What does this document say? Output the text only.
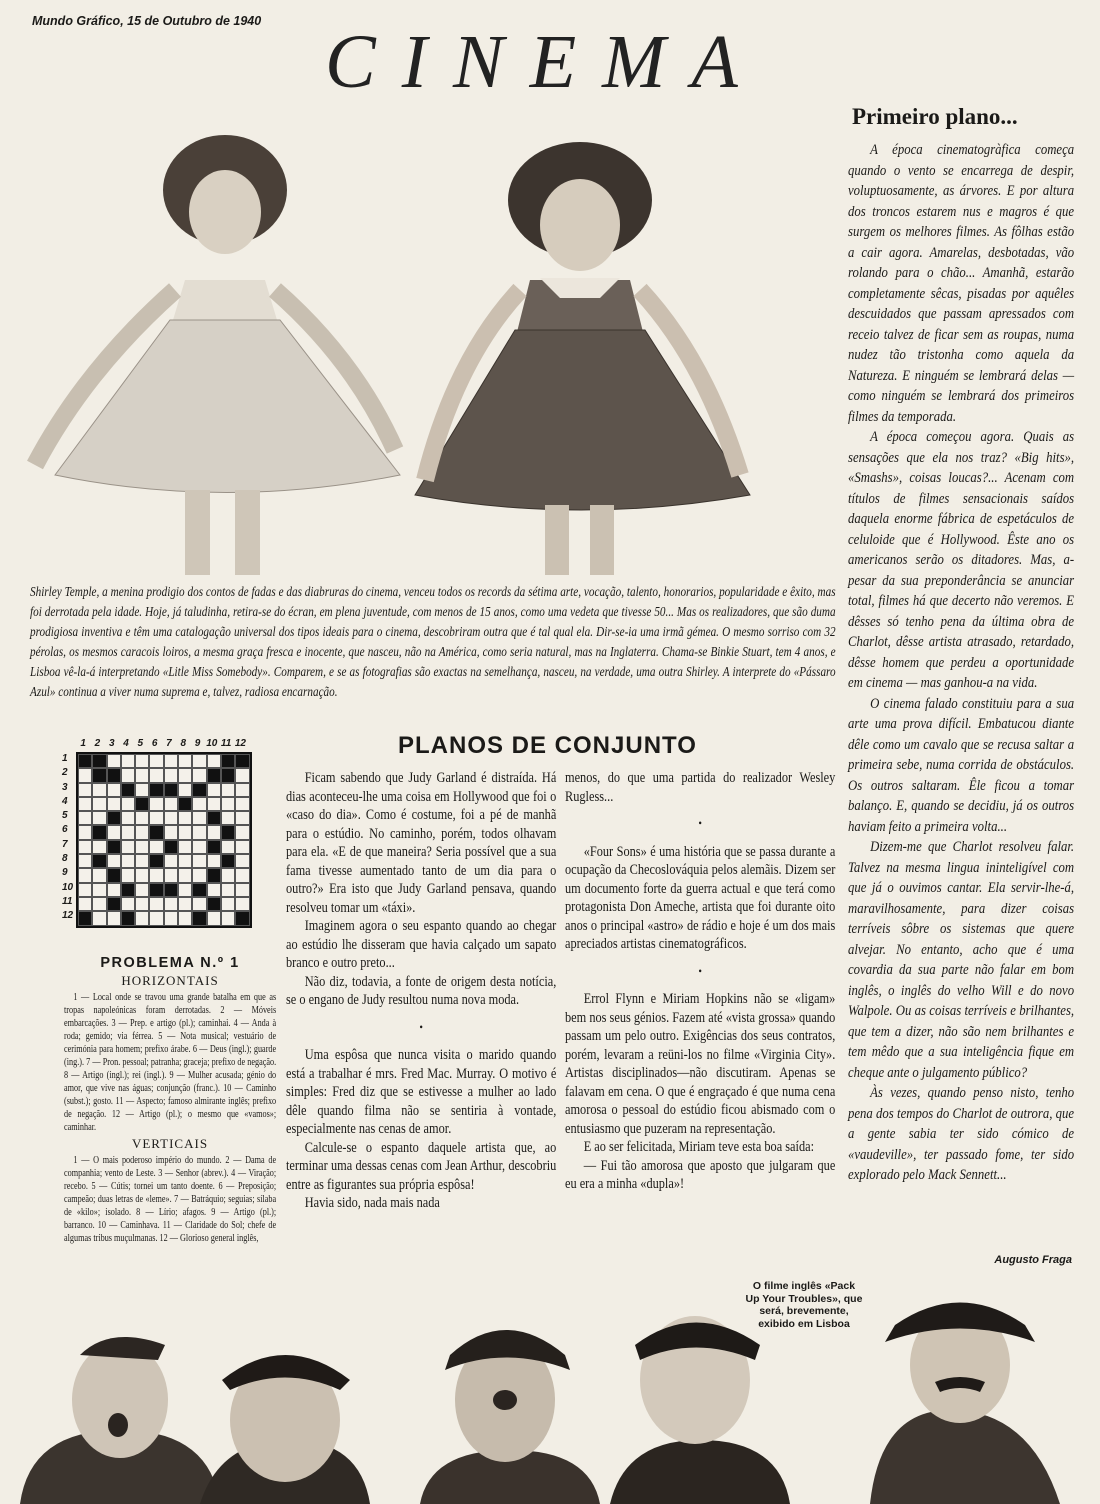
Mundo Gráfico, 15 de Outubro de 1940 CINEMA
Shirley Temple, a menina prodigio dos contos de fadas e das diabruras do cinema, venceu todos os records da sétima arte, vocação, talento, honorarios, popularidade e êxito, mas foi derrotada pela idade. Hoje, já taludinha, retira-se do écran, em plena juventude, com menos de 15 anos, como uma vedeta que tivesse 50... Mas os realizadores, que são duma prodigiosa inventiva e têm uma catalogação universal dos tipos ideais para o cinema, descobriram outra que é tal qual ela. Dir-se-ia uma irmã gémea. O mesmo sorriso com 32 pérolas, os mesmos caracois loiros, a mesma graça fresca e inocente, que nasceu, não na América, como seria natural, mas na Inglaterra. Chama-se Binkie Stuart, tem 4 anos, e Lisboa vê-la-á interpretando «Litle Miss Somebody». Comparem, e se as fotografias são exactas na semelhança, nasceu, na verdade, uma outra Shirley. A interprete do «Pássaro Azul» continua a viver numa suprema e, talvez, radiosa encarnação.
Primeiro plano...

A época cinematogràfica começa quando o vento se encarrega de despir, voluptuosamente, as árvores. E por altura dos troncos estarem nus e magros é que surgem os melhores filmes. As fôlhas estão a cair agora. Amarelas, desbotadas, vão rolando para o chão... Amanhã, estarão completamente sêcas, pisadas por aquêles descuidados que passam apressados com receio talvez de ficar sem as roupas, numa nudez tão tristonha como aquela da Natureza. E ninguém se lembrará delas — como ninguém se lembrará dos primeiros filmes da temporada.

A época começou agora. Quais as sensações que ela nos traz? «Big hits», «Smashs», coisas loucas?... Acenam com títulos de filmes sensacionais saídos daquela enorme fábrica de espetáculos de celuloide que é Hollywood. Êste ano os americanos serão os ditadores. Mas, a-pesar da sua preponderância se anunciar total, filmes há que decerto não veremos. E dêsses só tenho pena da última obra de Charlot, dêsse artista atrasado, retardado, dêsse homem que perdeu a oportunidade em cinema — mas ganhou-a na vida.

O cinema falado constituiu para a sua arte uma prova difícil. Embatucou diante dêle como um cavalo que se recusa saltar a primeira sebe, numa corrida de obstáculos. Os outros saltaram. Êle ficou a tomar balanço. E, quando se decidiu, já os outros haviam feito a primeira volta...

Dizem-me que Charlot resolveu falar. Talvez na mesma lingua ininteligível com que já o ouvimos cantar. Ela servir-lhe-á, maravilhosamente, para dizer coisas terríveis sôbre os sistemas que quere alvejar. No entanto, acho que é uma covardia da sua parte não falar em bom inglês, o inglês do velho Will e do novo Walpole. Ou as coisas terríveis e brilhantes, que tem a dizer, não são nem brilhantes e tem mêdo que a sua inteligência fique em cheque ante o julgamento público?

Às vezes, quando penso nisto, tenho pena dos tempos do Charlot de outrora, que a gente sabia ter sido cómico de «vaudeville», ter passado fome, ter sido explorado pelo Mack Sennett...

Augusto Fraga
1 2 3 4 5 6 7 8 9 10 11 12
1
2
3
4
5
6
7
8
9
10
11
12
PROBLEMA N.º 1
HORIZONTAIS

1 — Local onde se travou uma grande batalha em que as tropas napoleónicas foram derrotadas. 2 — Móveis embarcações. 3 — Prep. e artigo (pl.); caminhai. 4 — Anda à roda; gemido; via férrea. 5 — Nota musical; vestuário de cerimónia para homem; prefixo árabe. 6 — Deus (ingl.); guarde (ing.). 7 — Pron. pessoal; patranha; graceja; prefixo de negação. 8 — Artigo (ingl.); rei (ingl.). 9 — Mulher acusada; génio do amor, que vive nas águas; conjunção (franc.). 10 — Caminho (subst.); gosto. 11 — Aspecto; famoso almirante inglês; prefixo de negação. 12 — Artigo (pl.); o mesmo que «vamos»; caminhar.

VERTICAIS

1 — O mais poderoso império do mundo. 2 — Dama de companhia; vento de Leste. 3 — Senhor (abrev.). 4 — Viração; recebo. 5 — Cútis; tornei um tanto doente. 6 — Preposição; campeão; duas letras de «leme». 7 — Batráquio; seguias; sílaba de «kilo»; isolado. 8 — Lírio; afagos. 9 — Artigo (pl.); barranco. 10 — Caminhava. 11 — Claridade do Sol; chefe de algumas tribus muçulmanas. 12 — Glorioso general inglês,

PLANOS DE CONJUNTO

Ficam sabendo que Judy Garland é distraída. Há dias aconteceu-lhe uma coisa em Hollywood que foi o «caso do dia». Como é costume, foi a pé de manhã para o estúdio. No caminho, porém, todos olhavam para ela. «E de que maneira? Seria possível que a sua fama tivesse aumentado tanto de um dia para o outro?» Era isto que Judy Garland pensava, quando resolveu tomar um «táxi».

Imaginem agora o seu espanto quando ao chegar ao estúdio lhe disseram que havia calçado um sapato branco e outro preto...

Não diz, todavia, a fonte de origem desta notícia, se o engano de Judy resultou numa nova moda.

•

Uma espôsa que nunca visita o marido quando está a trabalhar é mrs. Fred Mac. Murray. O motivo é simples: Fred diz que se estivesse a mulher ao lado dêle quando filma não se sentiria à vontade, especialmente nas cenas de amor.

Calcule-se o espanto daquele artista que, ao terminar uma dessas cenas com Jean Arthur, descobriu entre as figurantes sua própria espôsa!

Havia sido, nada mais nada

menos, do que uma partida do realizador Wesley Rugless...

•

«Four Sons» é uma história que se passa durante a ocupação da Checoslováquia pelos alemãis. Dizem ser um documento forte da guerra actual e que terá como protagonista Don Ameche, artista que foi durante oito anos o principal «astro» de rádio e hoje é um dos mais apreciados artistas cinematográficos.

•

Errol Flynn e Miriam Hopkins não se «ligam» bem nos seus génios. Fazem até «vista grossa» quando passam um pelo outro. Exigências dos seus contratos, porém, levaram a reüni-los no filme «Virginia City». Artistas disciplinados—não discutiram. Apenas se falavam em cena. O que é engraçado é que numa cena amorosa o pessoal do estúdio ficou abismado com o entusiasmo que puzeram na representação.

E ao ser felicitada, Miriam teve esta boa saída:

— Fui tão amorosa que aposto que julgaram que eu era a minha «dupla»!

O filme inglês «Pack Up Your Troubles», que será, brevemente, exibido em Lisboa
